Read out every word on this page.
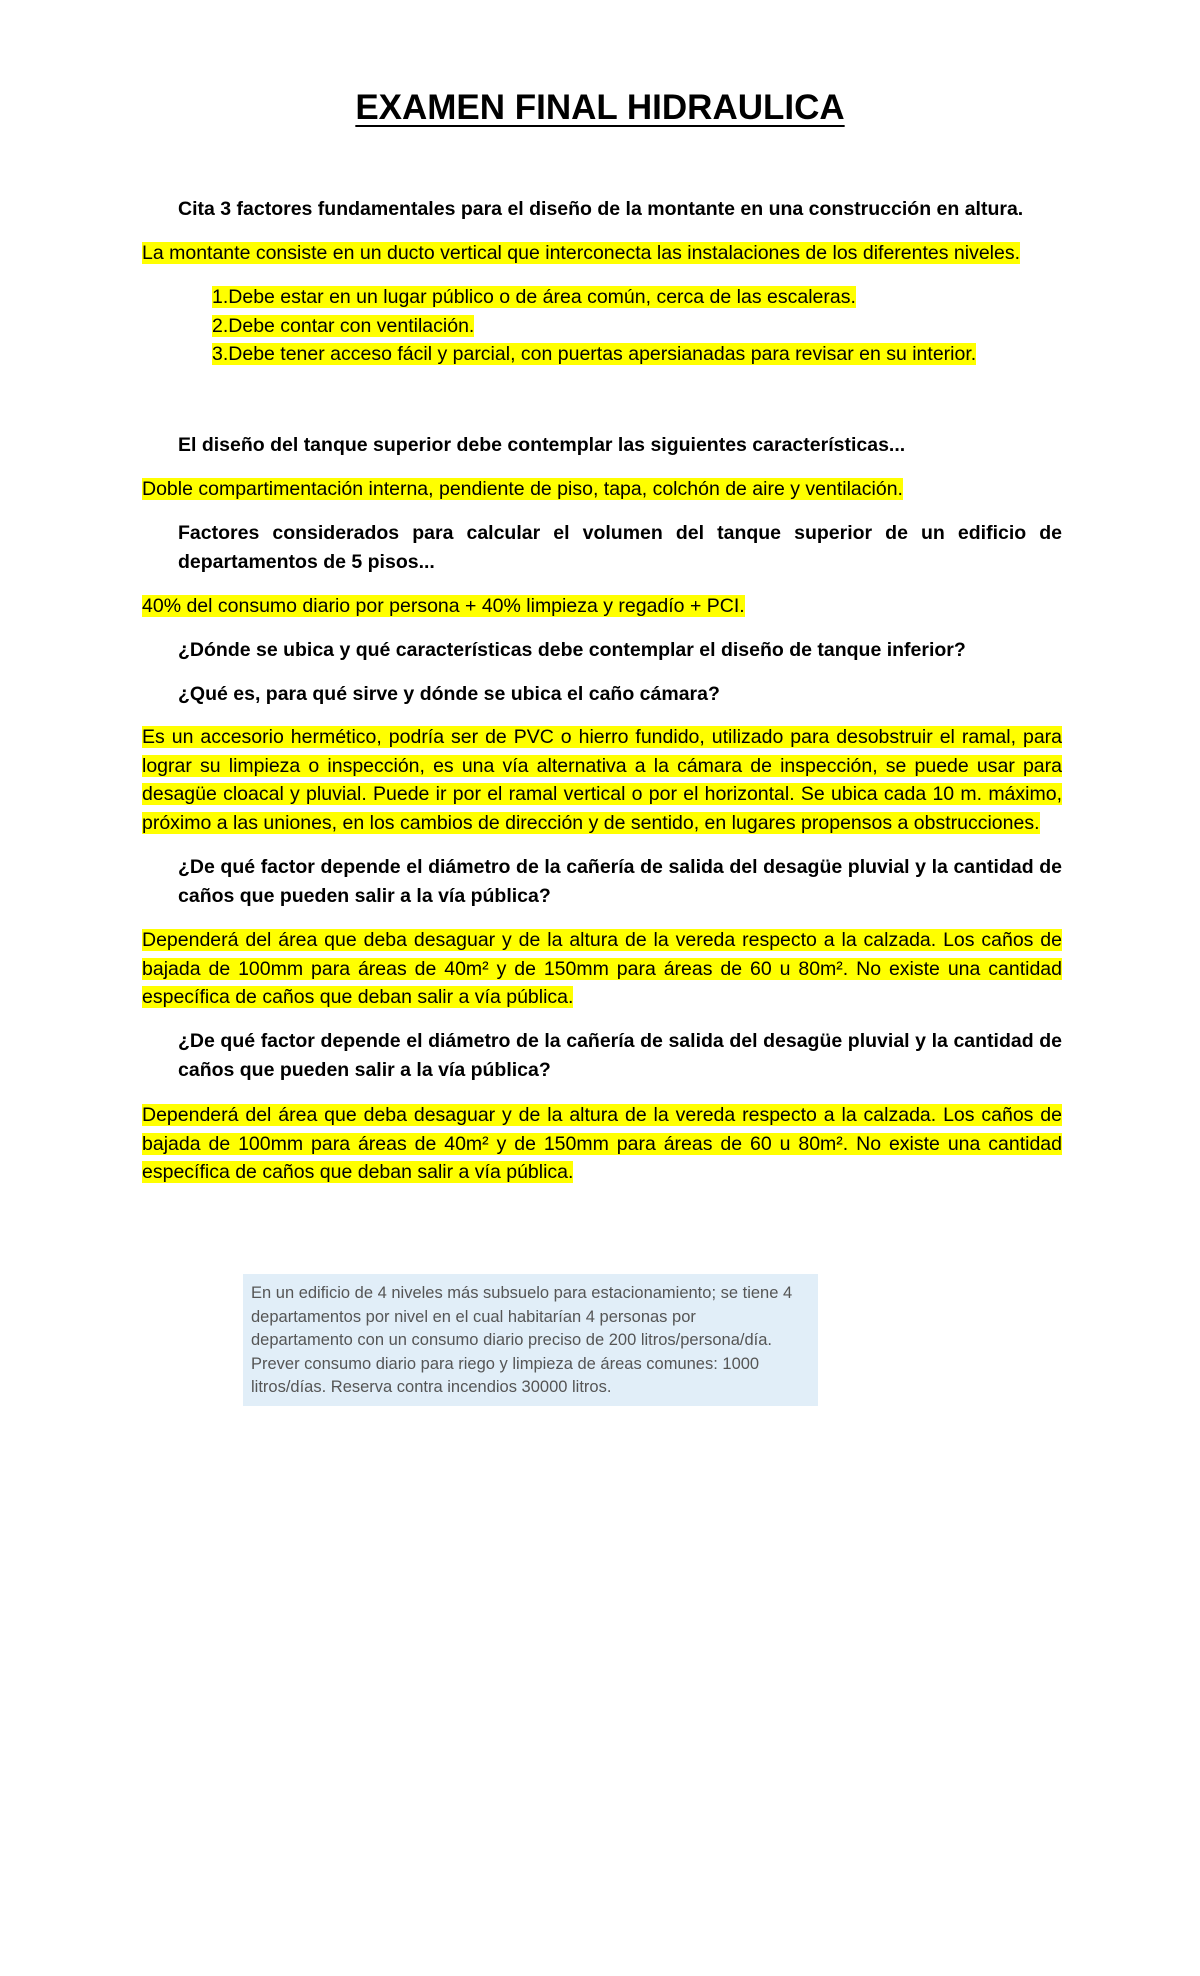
EXAMEN FINAL HIDRAULICA

Cita 3 factores fundamentales para el diseño de la montante en una construcción en altura.

La montante consiste en un ducto vertical que interconecta las instalaciones de los diferentes niveles.

1.Debe estar en un lugar público o de área común, cerca de las escaleras.
2.Debe contar con ventilación.
3.Debe tener acceso fácil y parcial, con puertas apersianadas para revisar en su interior.

El diseño del tanque superior debe contemplar las siguientes características...

Doble compartimentación interna, pendiente de piso, tapa, colchón de aire y ventilación.

Factores considerados para calcular el volumen del tanque superior de un edificio de departamentos de 5 pisos...

40% del consumo diario por persona + 40% limpieza y regadío + PCI.

¿Dónde se ubica y qué características debe contemplar el diseño de tanque inferior?

¿Qué es, para qué sirve y dónde se ubica el caño cámara?

Es un accesorio hermético, podría ser de PVC o hierro fundido, utilizado para desobstruir el ramal, para lograr su limpieza o inspección, es una vía alternativa a la cámara de inspección, se puede usar para desagüe cloacal y pluvial. Puede ir por el ramal vertical o por el horizontal. Se ubica cada 10 m. máximo, próximo a las uniones, en los cambios de dirección y de sentido, en lugares propensos a obstrucciones.

¿De qué factor depende el diámetro de la cañería de salida del desagüe pluvial y la cantidad de caños que pueden salir a la vía pública?

Dependerá del área que deba desaguar y de la altura de la vereda respecto a la calzada. Los caños de bajada de 100mm para áreas de 40m² y de 150mm para áreas de 60 u 80m². No existe una cantidad específica de caños que deban salir a vía pública.

¿De qué factor depende el diámetro de la cañería de salida del desagüe pluvial y la cantidad de caños que pueden salir a la vía pública?

Dependerá del área que deba desaguar y de la altura de la vereda respecto a la calzada. Los caños de bajada de 100mm para áreas de 40m² y de 150mm para áreas de 60 u 80m². No existe una cantidad específica de caños que deban salir a vía pública.

En un edificio de 4 niveles más subsuelo para estacionamiento; se tiene 4

departamentos por nivel en el cual habitarían 4 personas por

departamento con un consumo diario preciso de 200 litros/persona/día.

Prever consumo diario para riego y limpieza de áreas comunes: 1000

litros/días. Reserva contra incendios 30000 litros.
